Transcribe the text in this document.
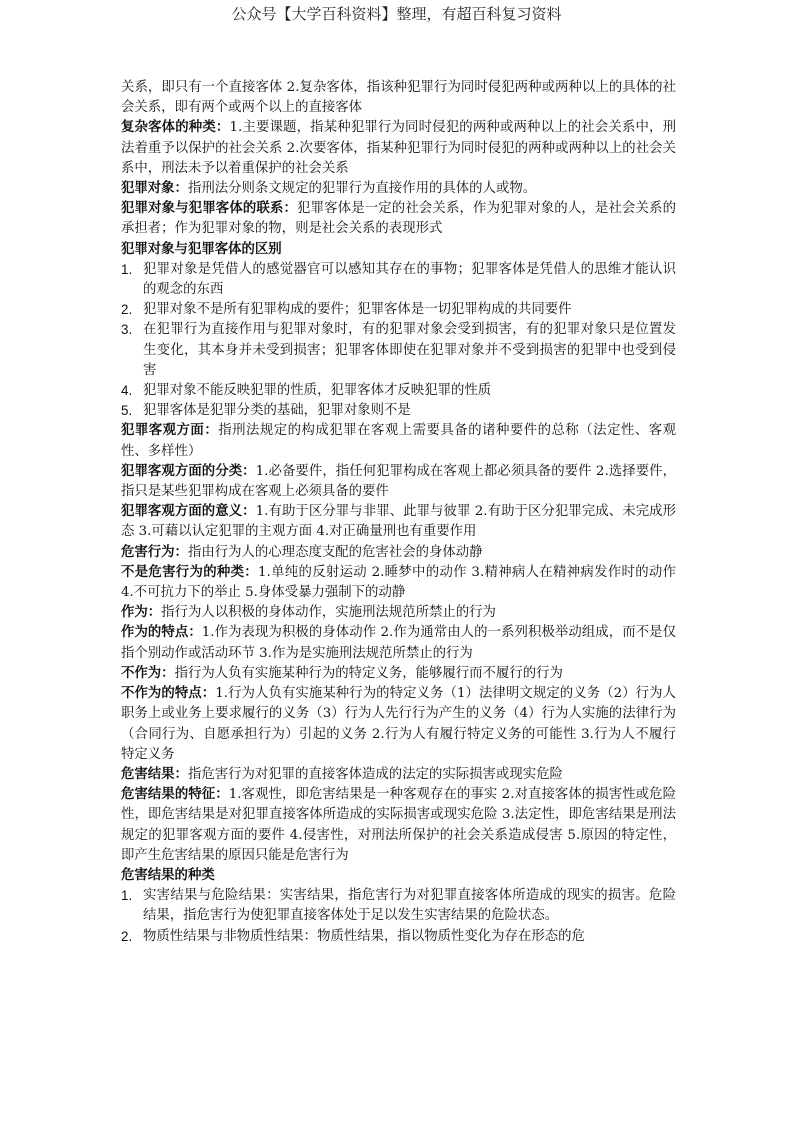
公众号【大学百科资料】整理，有超百科复习资料

关系，即只有一个直接客体 2.复杂客体，指该种犯罪行为同时侵犯两种或两种以上的具体的社会关系，即有两个或两个以上的直接客体

复杂客体的种类：1.主要课题，指某种犯罪行为同时侵犯的两种或两种以上的社会关系中，刑法着重予以保护的社会关系 2.次要客体，指某种犯罪行为同时侵犯的两种或两种以上的社会关系中，刑法未予以着重保护的社会关系

犯罪对象：指刑法分则条文规定的犯罪行为直接作用的具体的人或物。

犯罪对象与犯罪客体的联系：犯罪客体是一定的社会关系，作为犯罪对象的人，是社会关系的承担者；作为犯罪对象的物，则是社会关系的表现形式

犯罪对象与犯罪客体的区别

1. 犯罪对象是凭借人的感觉器官可以感知其存在的事物；犯罪客体是凭借人的思维才能认识的观念的东西
2. 犯罪对象不是所有犯罪构成的要件；犯罪客体是一切犯罪构成的共同要件
3. 在犯罪行为直接作用与犯罪对象时，有的犯罪对象会受到损害，有的犯罪对象只是位置发生变化，其本身并未受到损害；犯罪客体即使在犯罪对象并不受到损害的犯罪中也受到侵害
4. 犯罪对象不能反映犯罪的性质，犯罪客体才反映犯罪的性质
5. 犯罪客体是犯罪分类的基础，犯罪对象则不是

犯罪客观方面：指刑法规定的构成犯罪在客观上需要具备的诸种要件的总称（法定性、客观性、多样性）

犯罪客观方面的分类：1.必备要件，指任何犯罪构成在客观上都必须具备的要件 2.选择要件，指只是某些犯罪构成在客观上必须具备的要件

犯罪客观方面的意义：1.有助于区分罪与非罪、此罪与彼罪 2.有助于区分犯罪完成、未完成形态 3.可藉以认定犯罪的主观方面 4.对正确量刑也有重要作用

危害行为：指由行为人的心理态度支配的危害社会的身体动静

不是危害行为的种类：1.单纯的反射运动 2.睡梦中的动作 3.精神病人在精神病发作时的动作 4.不可抗力下的举止 5.身体受暴力强制下的动静

作为：指行为人以积极的身体动作，实施刑法规范所禁止的行为

作为的特点：1.作为表现为积极的身体动作 2.作为通常由人的一系列积极举动组成，而不是仅指个别动作或活动环节 3.作为是实施刑法规范所禁止的行为

不作为：指行为人负有实施某种行为的特定义务，能够履行而不履行的行为

不作为的特点：1.行为人负有实施某种行为的特定义务（1）法律明文规定的义务（2）行为人职务上或业务上要求履行的义务（3）行为人先行行为产生的义务（4）行为人实施的法律行为（合同行为、自愿承担行为）引起的义务 2.行为人有履行特定义务的可能性 3.行为人不履行特定义务

危害结果：指危害行为对犯罪的直接客体造成的法定的实际损害或现实危险

危害结果的特征：1.客观性，即危害结果是一种客观存在的事实 2.对直接客体的损害性或危险性，即危害结果是对犯罪直接客体所造成的实际损害或现实危险 3.法定性，即危害结果是刑法规定的犯罪客观方面的要件 4.侵害性，对刑法所保护的社会关系造成侵害 5.原因的特定性，即产生危害结果的原因只能是危害行为

危害结果的种类

1. 实害结果与危险结果：实害结果，指危害行为对犯罪直接客体所造成的现实的损害。危险结果，指危害行为使犯罪直接客体处于足以发生实害结果的危险状态。
2. 物质性结果与非物质性结果：物质性结果，指以物质性变化为存在形态的危
